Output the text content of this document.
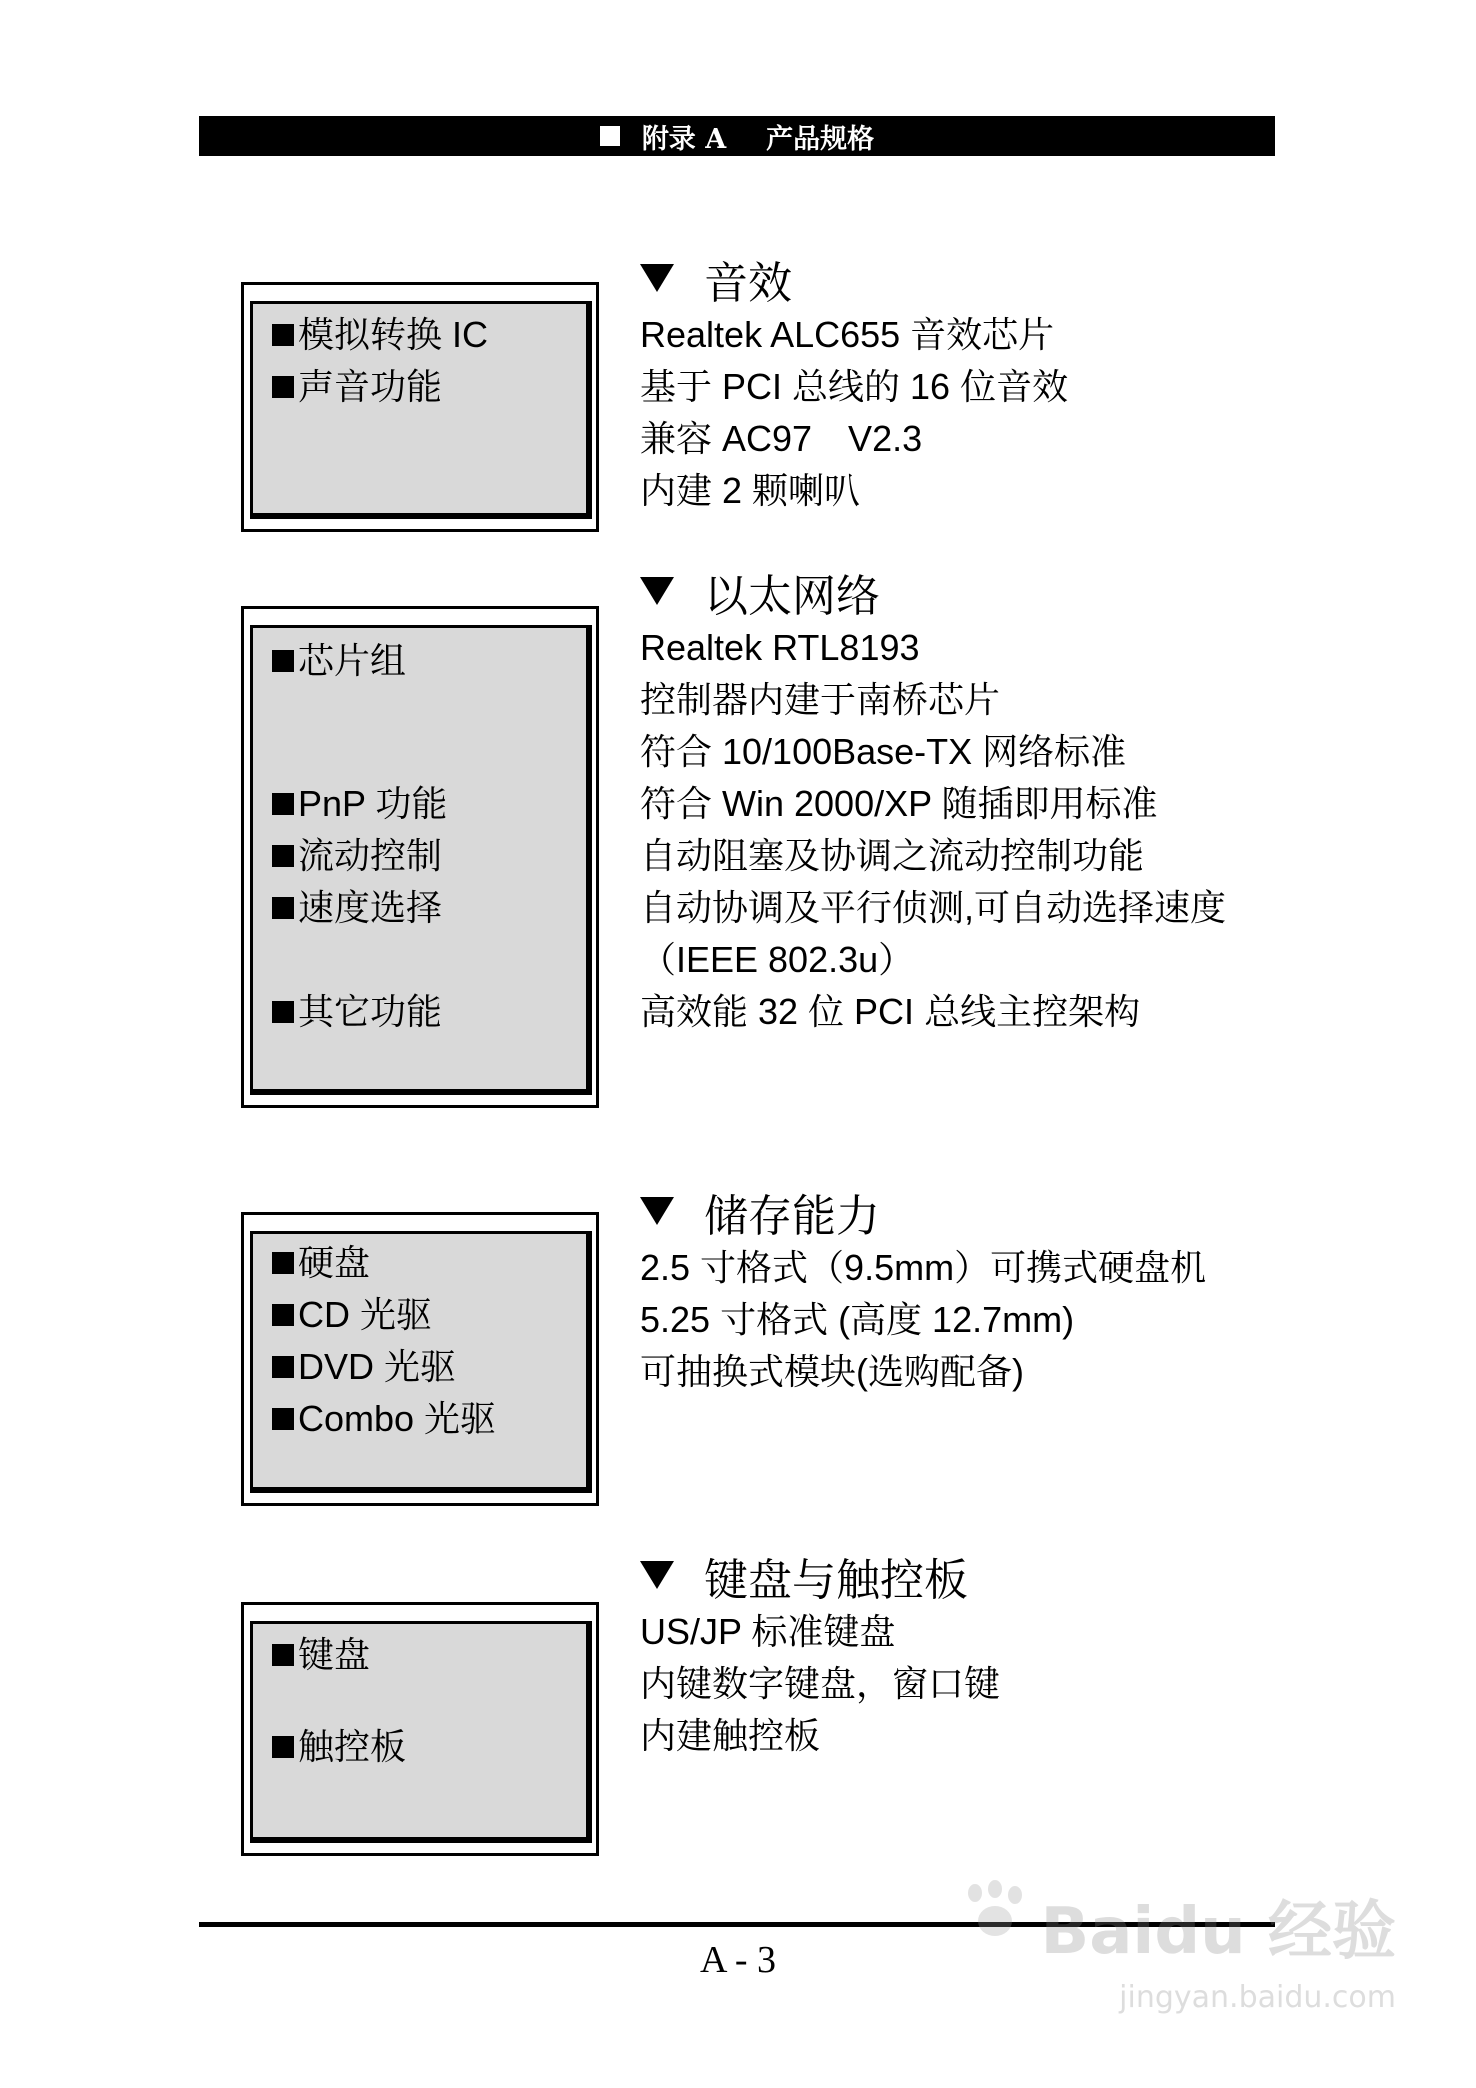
附录 A 产品规格
模拟转换 IC
声音功能
音效
Realtek ALC655 音效芯片
基于 PCI 总线的 16 位音效
兼容 AC97　V2.3
内建 2 颗喇叭
芯片组
PnP 功能
流动控制
速度选择
其它功能
以太网络
Realtek RTL8193
控制器内建于南桥芯片
符合 10/100Base-TX 网络标准
符合 Win 2000/XP 随插即用标准
自动阻塞及协调之流动控制功能
自动协调及平行侦测,可自动选择速度
（IEEE 802.3u）
高效能 32 位 PCI 总线主控架构
硬盘
CD 光驱
DVD 光驱
Combo 光驱
储存能力
2.5 寸格式（9.5mm）可携式硬盘机
5.25 寸格式 (高度 12.7mm)
可抽换式模块(选购配备)
键盘
触控板
键盘与触控板
US/JP 标准键盘
内键数字键盘，窗口键
内建触控板
A - 3	Baidu 经验
jingyan.baidu.com
